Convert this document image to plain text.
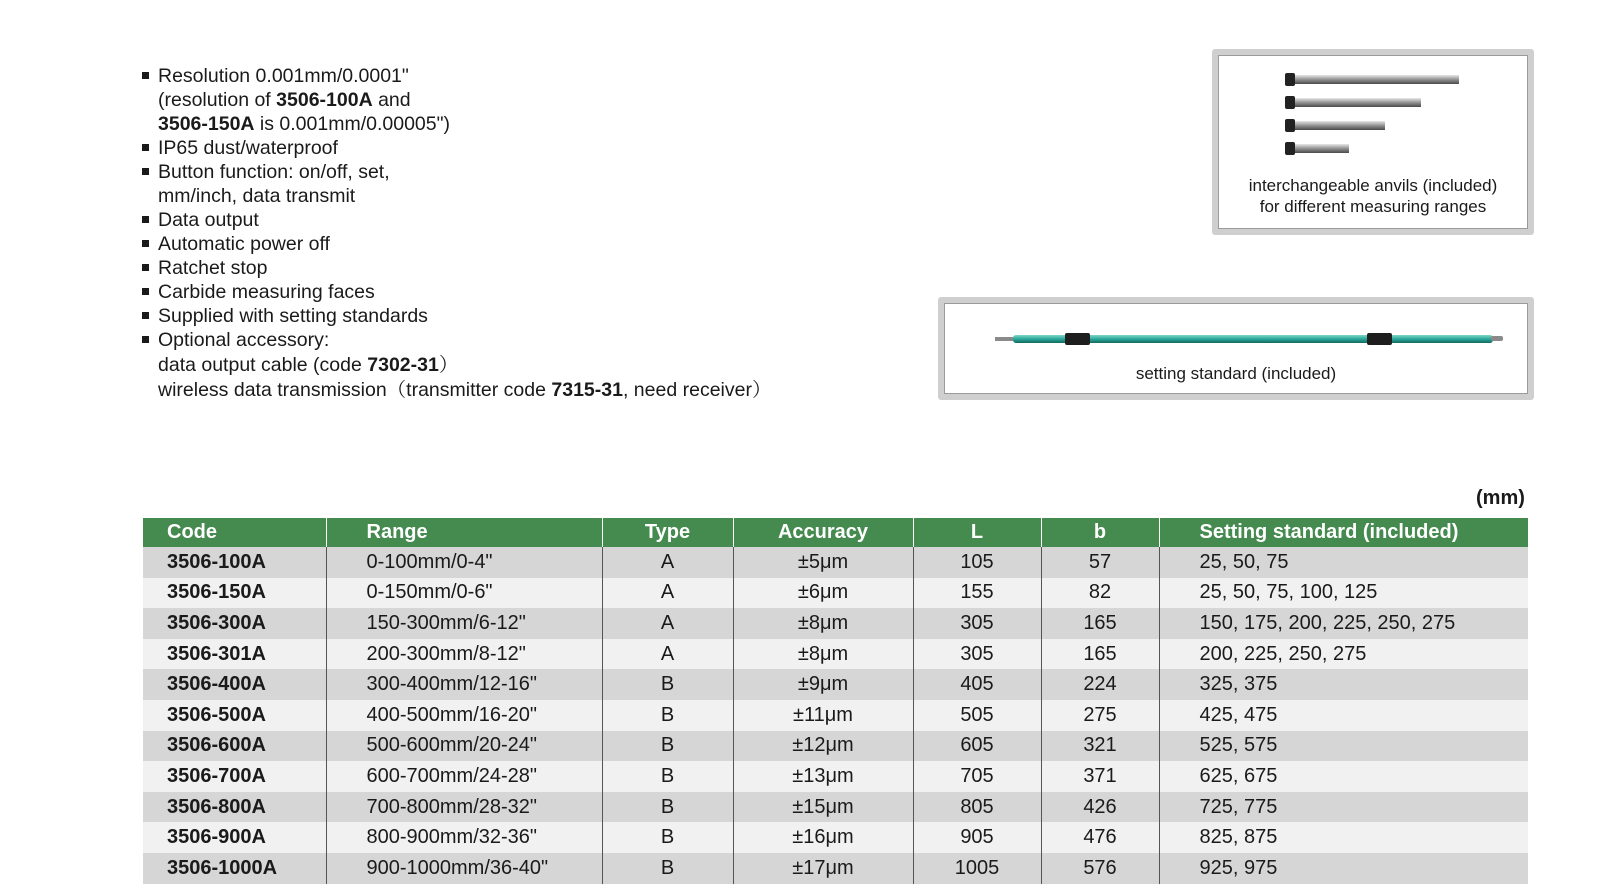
Resolution 0.001mm/0.0001"
(resolution of 3506-100A and
3506-150A is 0.001mm/0.00005")
IP65 dust/waterproof
Button function: on/off, set,
mm/inch, data transmit
Data output
Automatic power off
Ratchet stop
Carbide measuring faces
Supplied with setting standards
Optional accessory:
data output cable (code 7302-31）
wireless data transmission（transmitter code 7315-31, need receiver）
interchangeable anvils (included)
for different measuring ranges
setting standard (included)
(mm)
Code	Range	Type	Accuracy	L	b	Setting standard (included)
3506-100A	0-100mm/0-4"	A	±5μm	105	57	25, 50, 75
3506-150A	0-150mm/0-6"	A	±6μm	155	82	25, 50, 75, 100, 125
3506-300A	150-300mm/6-12"	A	±8μm	305	165	150, 175, 200, 225, 250, 275
3506-301A	200-300mm/8-12"	A	±8μm	305	165	200, 225, 250, 275
3506-400A	300-400mm/12-16"	B	±9μm	405	224	325, 375
3506-500A	400-500mm/16-20"	B	±11μm	505	275	425, 475
3506-600A	500-600mm/20-24"	B	±12μm	605	321	525, 575
3506-700A	600-700mm/24-28"	B	±13μm	705	371	625, 675
3506-800A	700-800mm/28-32"	B	±15μm	805	426	725, 775
3506-900A	800-900mm/32-36"	B	±16μm	905	476	825, 875
3506-1000A	900-1000mm/36-40"	B	±17μm	1005	576	925, 975
